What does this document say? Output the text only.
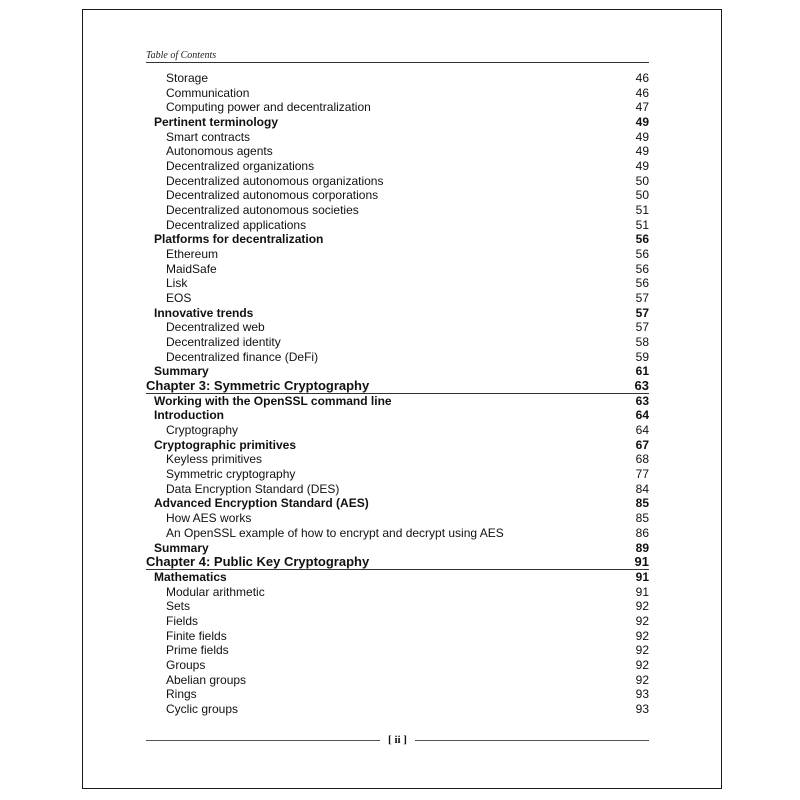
Table of Contents
Storage	46
Communication	46
Computing power and decentralization	47
Pertinent terminology	49
Smart contracts	49
Autonomous agents	49
Decentralized organizations	49
Decentralized autonomous organizations	50
Decentralized autonomous corporations	50
Decentralized autonomous societies	51
Decentralized applications	51
Platforms for decentralization	56
Ethereum	56
MaidSafe	56
Lisk	56
EOS	57
Innovative trends	57
Decentralized web	57
Decentralized identity	58
Decentralized finance (DeFi)	59
Summary	61
Chapter 3: Symmetric Cryptography	63
Working with the OpenSSL command line	63
Introduction	64
Cryptography	64
Cryptographic primitives	67
Keyless primitives	68
Symmetric cryptography	77
Data Encryption Standard (DES)	84
Advanced Encryption Standard (AES)	85
How AES works	85
An OpenSSL example of how to encrypt and decrypt using AES	86
Summary	89
Chapter 4: Public Key Cryptography	91
Mathematics	91
Modular arithmetic	91
Sets	92
Fields	92
Finite fields	92
Prime fields	92
Groups	92
Abelian groups	92
Rings	93
Cyclic groups	93
[ ii ]
